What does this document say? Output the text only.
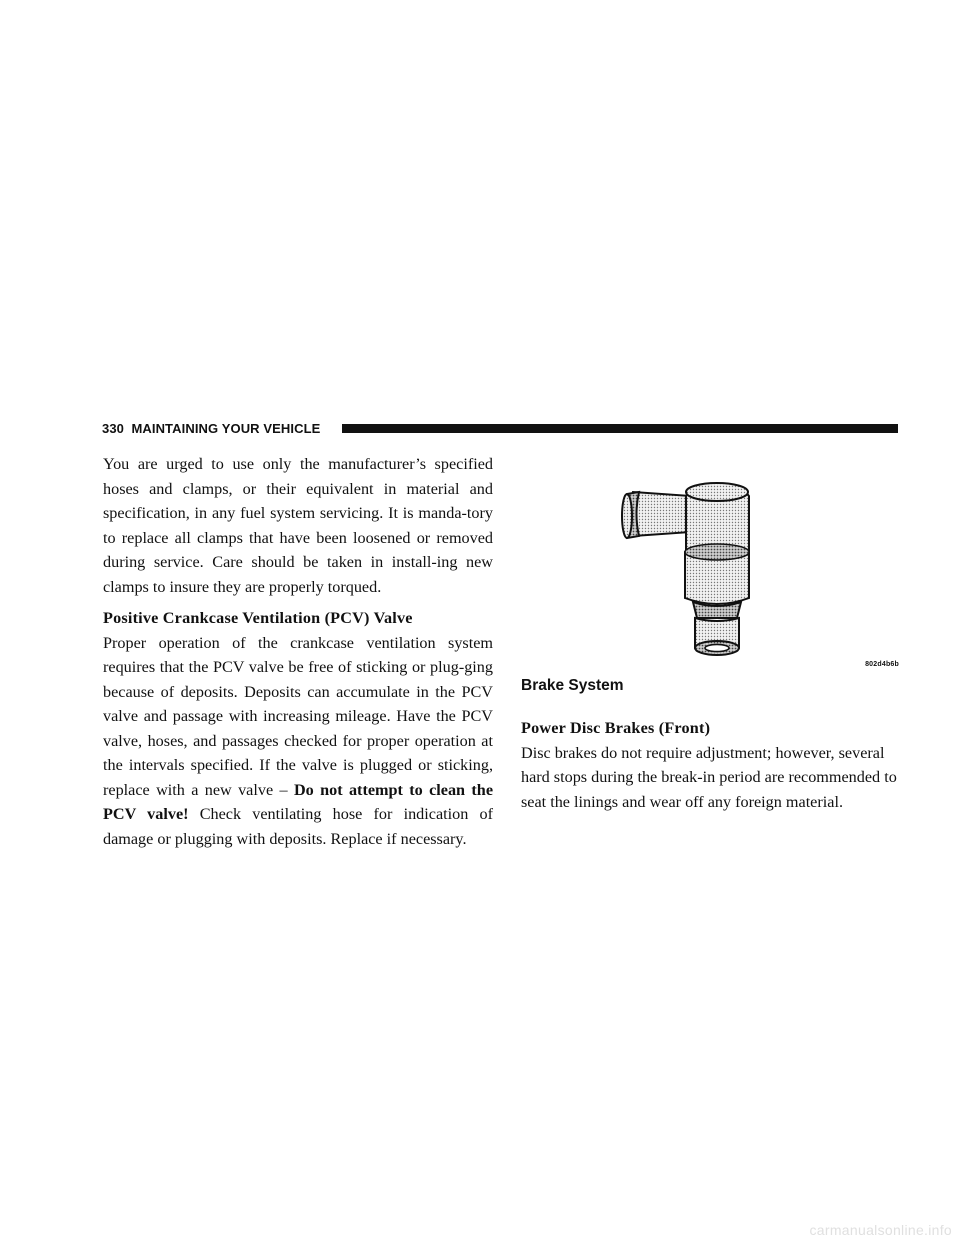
330 MAINTAINING YOUR VEHICLE

You are urged to use only the manufacturer’s specified hoses and clamps, or their equivalent in material and specification, in any fuel system servicing. It is manda-tory to replace all clamps that have been loosened or removed during service. Care should be taken in install-ing new clamps to insure they are properly torqued.

Positive Crankcase Ventilation (PCV) Valve

Proper operation of the crankcase ventilation system requires that the PCV valve be free of sticking or plug-ging because of deposits. Deposits can accumulate in the PCV valve and passage with increasing mileage. Have the PCV valve, hoses, and passages checked for proper operation at the intervals specified. If the valve is plugged or sticking, replace with a new valve – Do not attempt to clean the PCV valve! Check ventilating hose for indication of damage or plugging with deposits. Replace if necessary.

802d4b6b
Brake System

Power Disc Brakes (Front)

Disc brakes do not require adjustment; however, several hard stops during the break-in period are recommended to seat the linings and wear off any foreign material.

carmanualsonline.info
